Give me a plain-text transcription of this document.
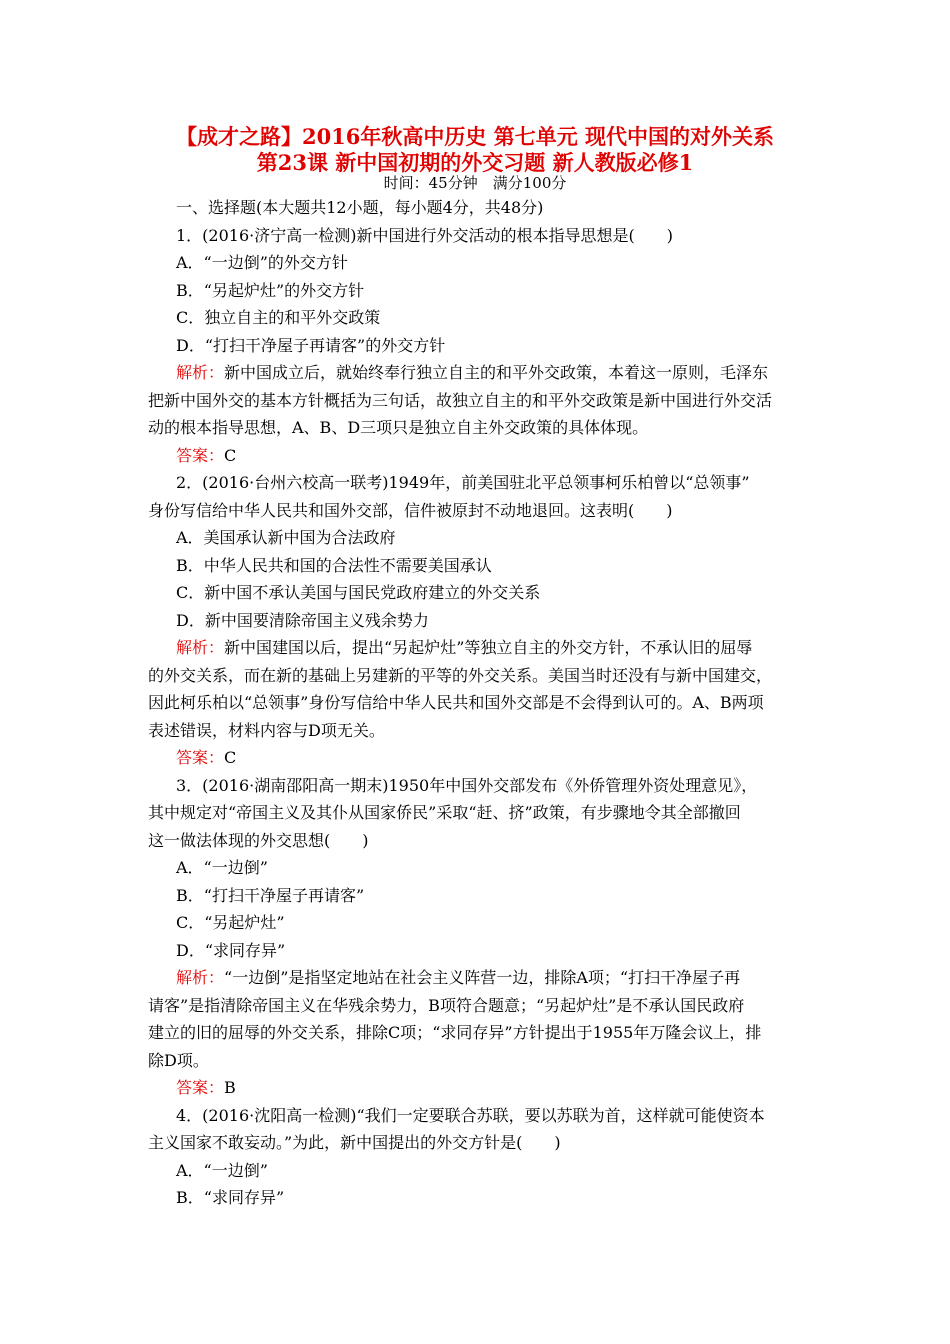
【成才之路】2016年秋高中历史 第七单元 现代中国的对外关系
第23课 新中国初期的外交习题 新人教版必修1
时间：45分钟　满分100分
一、选择题(本大题共12小题，每小题4分，共48分)
1．(2016·济宁高一检测)新中国进行外交活动的根本指导思想是(　　)
A．“一边倒”的外交方针
B．“另起炉灶”的外交方针
C．独立自主的和平外交政策
D．“打扫干净屋子再请客”的外交方针
解析：新中国成立后，就始终奉行独立自主的和平外交政策，本着这一原则，毛泽东
把新中国外交的基本方针概括为三句话，故独立自主的和平外交政策是新中国进行外交活
动的根本指导思想，A、B、D三项只是独立自主外交政策的具体体现。
答案：C
2．(2016·台州六校高一联考)1949年，前美国驻北平总领事柯乐柏曾以“总领事”
身份写信给中华人民共和国外交部，信件被原封不动地退回。这表明(　　)
A．美国承认新中国为合法政府
B．中华人民共和国的合法性不需要美国承认
C．新中国不承认美国与国民党政府建立的外交关系
D．新中国要清除帝国主义残余势力
解析：新中国建国以后，提出“另起炉灶”等独立自主的外交方针，不承认旧的屈辱
的外交关系，而在新的基础上另建新的平等的外交关系。美国当时还没有与新中国建交，
因此柯乐柏以“总领事”身份写信给中华人民共和国外交部是不会得到认可的。A、B两项
表述错误，材料内容与D项无关。
答案：C
3．(2016·湖南邵阳高一期末)1950年中国外交部发布《外侨管理外资处理意见》，
其中规定对“帝国主义及其仆从国家侨民”采取“赶、挤”政策，有步骤地令其全部撤回
这一做法体现的外交思想(　　)
A．“一边倒”
B．“打扫干净屋子再请客”
C．“另起炉灶”
D．“求同存异”
解析：“一边倒”是指坚定地站在社会主义阵营一边，排除A项；“打扫干净屋子再
请客”是指清除帝国主义在华残余势力，B项符合题意；“另起炉灶”是不承认国民政府
建立的旧的屈辱的外交关系，排除C项；“求同存异”方针提出于1955年万隆会议上，排
除D项。
答案：B
4．(2016·沈阳高一检测)“我们一定要联合苏联，要以苏联为首，这样就可能使资本
主义国家不敢妄动。”为此，新中国提出的外交方针是(　　)
A．“一边倒”
B．“求同存异”
